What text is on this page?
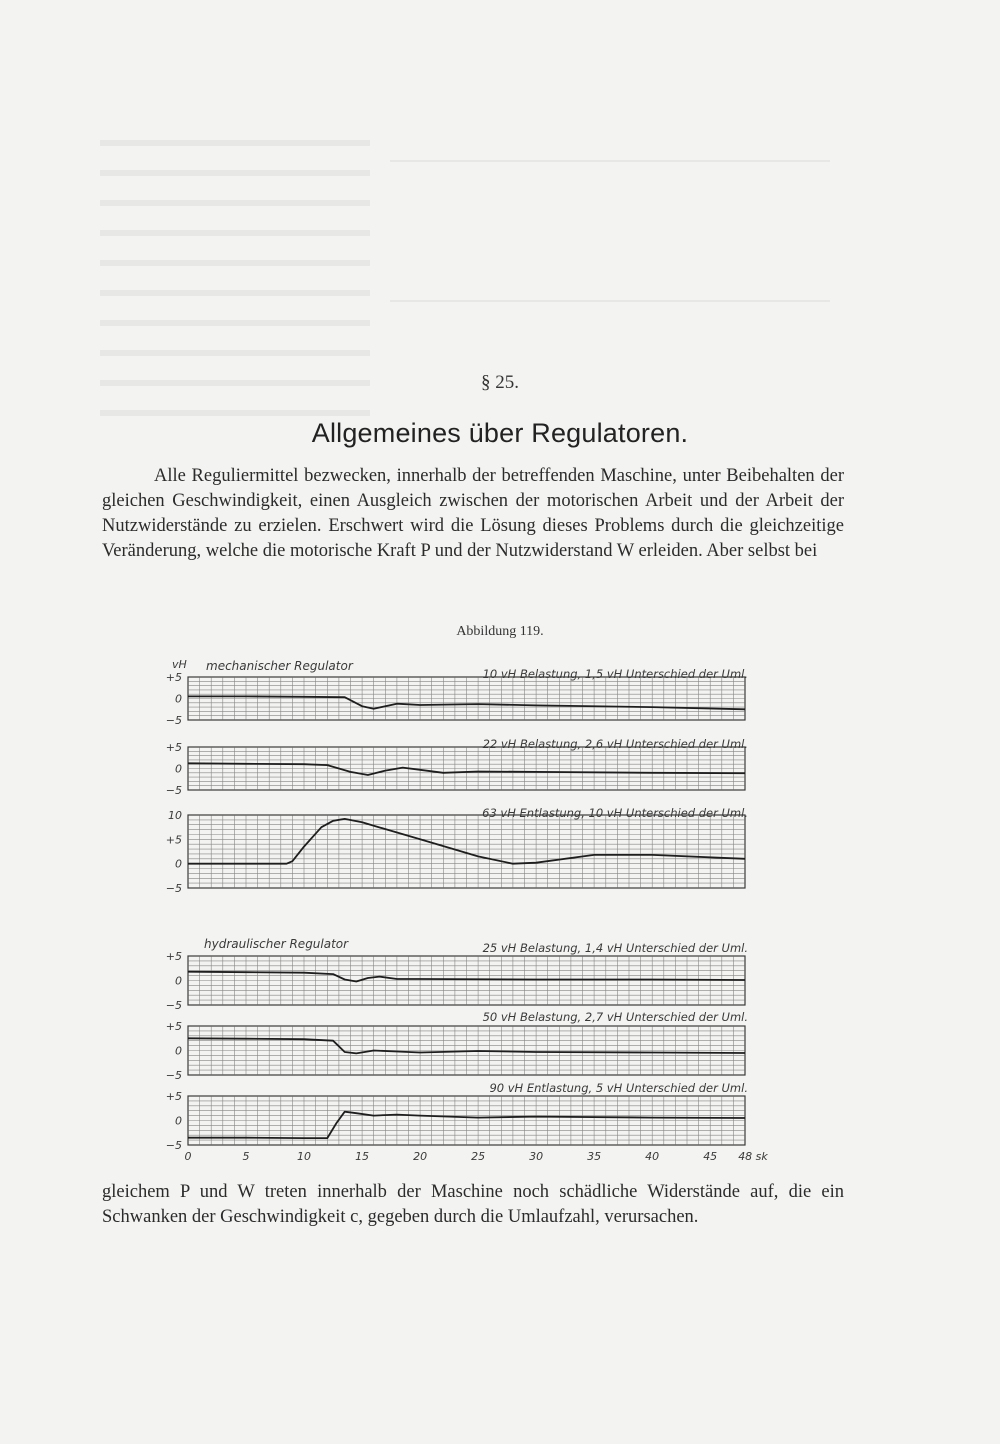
§ 25.
Allgemeines über Regulatoren.
Alle Reguliermittel bezwecken, innerhalb der betreffenden Maschine, unter Beibehalten der gleichen Geschwindigkeit, einen Ausgleich zwischen der motorischen Arbeit und der Arbeit der Nutzwiderstände zu erzielen. Erschwert wird die Lösung dieses Problems durch die gleichzeitige Veränderung, welche die motorische Kraft P und der Nutzwiderstand W erleiden. Aber selbst bei
Abbildung 119.
vH
+5
0
−5
10 vH Belastung, 1,5 vH Unterschied der Uml.
+5
0
−5
22 vH Belastung, 2,6 vH Unterschied der Uml.
10
+5
0
−5
63 vH Entlastung, 10 vH Unterschied der Uml.
+5
0
−5
25 vH Belastung, 1,4 vH Unterschied der Uml.
+5
0
−5
50 vH Belastung, 2,7 vH Unterschied der Uml.
+5
0
−5
90 vH Entlastung, 5 vH Unterschied der Uml.
mechanischer Regulator
hydraulischer Regulator
0	5	10	15	20	25	30	35	40	45 48 sk
gleichem P und W treten innerhalb der Maschine noch schädliche Widerstände auf, die ein Schwanken der Geschwindigkeit c, gegeben durch die Umlaufzahl, verursachen.
